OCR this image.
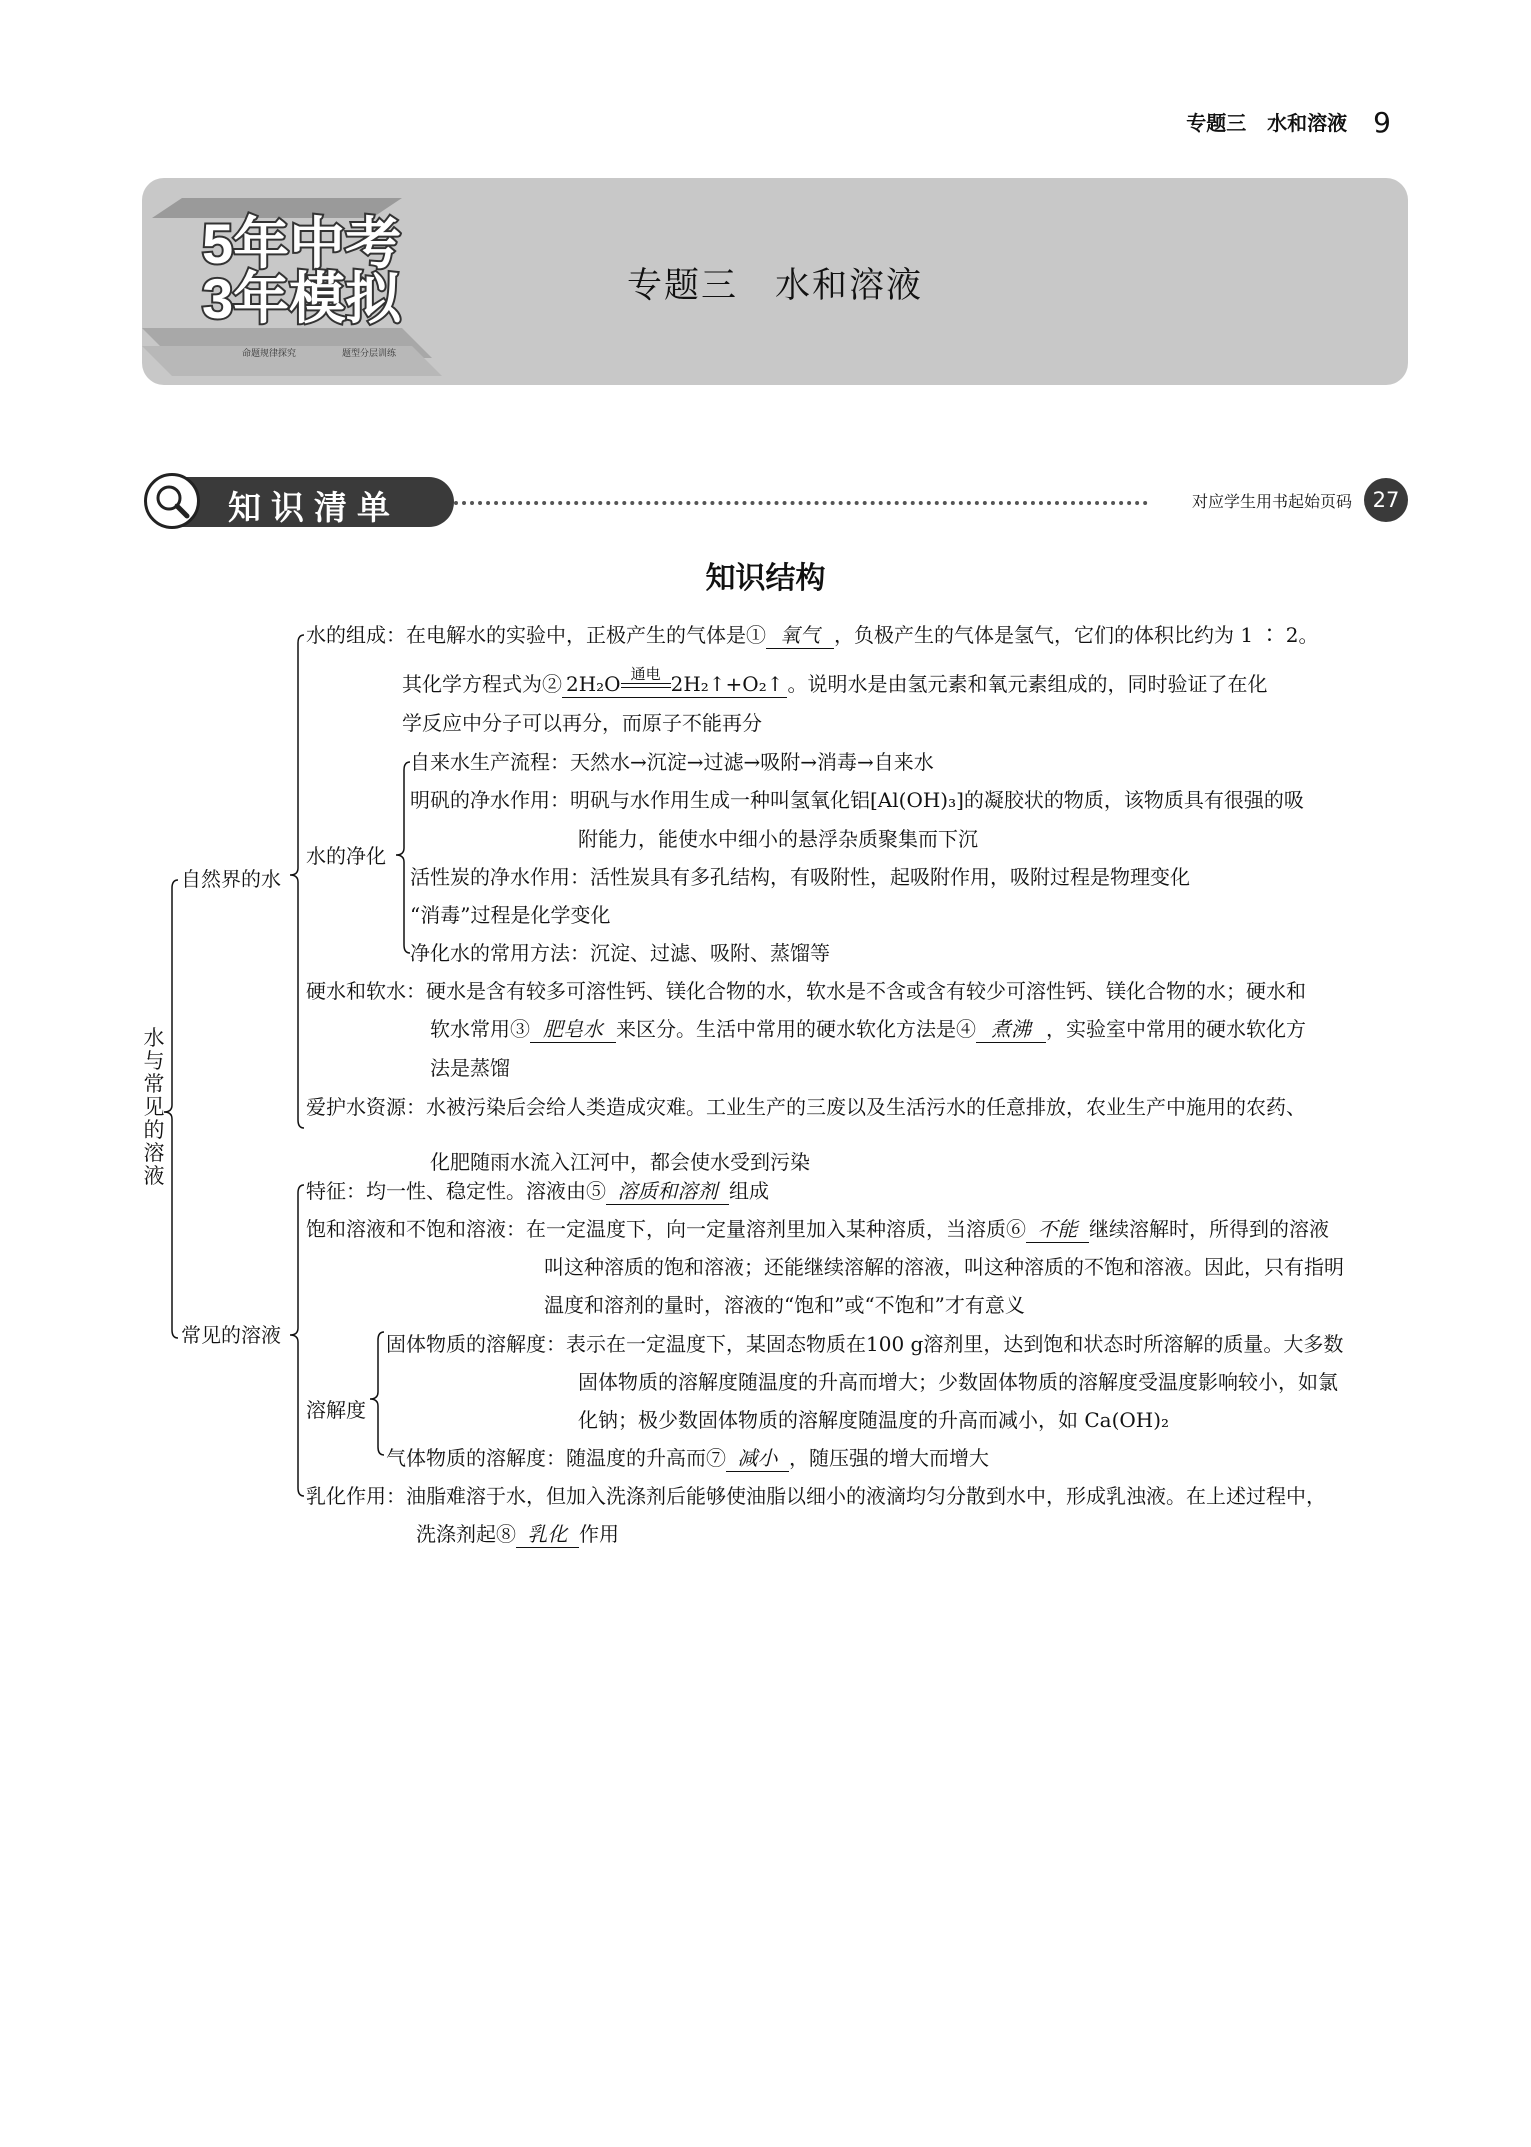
专题三 水和溶液 9
5年中考
3年模拟
命题规律探究	题型分层训练
专题三　水和溶液
知识清单	对应学生用书起始页码 27
知识结构
水与常见的溶液
自然界的水
水的组成：在电解水的实验中，正极产生的气体是① 氧气 ，负极产生的气体是氢气，它们的体积比约为 1 ∶ 2。
其化学方程式为② 2H₂O 通电 2H₂↑+O₂↑ 。说明水是由氢元素和氧元素组成的，同时验证了在化
学反应中分子可以再分，而原子不能再分
水的净化
自来水生产流程：天然水→沉淀→过滤→吸附→消毒→自来水
明矾的净水作用：明矾与水作用生成一种叫氢氧化铝[Al(OH)₃]的凝胶状的物质，该物质具有很强的吸
附能力，能使水中细小的悬浮杂质聚集而下沉
活性炭的净水作用：活性炭具有多孔结构，有吸附性，起吸附作用，吸附过程是物理变化
“消毒”过程是化学变化
净化水的常用方法：沉淀、过滤、吸附、蒸馏等
硬水和软水：硬水是含有较多可溶性钙、镁化合物的水，软水是不含或含有较少可溶性钙、镁化合物的水；硬水和
软水常用③ 肥皂水 来区分。生活中常用的硬水软化方法是④ 煮沸 ，实验室中常用的硬水软化方
法是蒸馏
爱护水资源：水被污染后会给人类造成灾难。工业生产的三废以及生活污水的任意排放，农业生产中施用的农药、
化肥随雨水流入江河中，都会使水受到污染
常见的溶液
特征：均一性、稳定性。溶液由⑤ 溶质和溶剂 组成
饱和溶液和不饱和溶液：在一定温度下，向一定量溶剂里加入某种溶质，当溶质⑥ 不能 继续溶解时，所得到的溶液
叫这种溶质的饱和溶液；还能继续溶解的溶液，叫这种溶质的不饱和溶液。因此，只有指明
温度和溶剂的量时，溶液的“饱和”或“不饱和”才有意义
溶解度
固体物质的溶解度：表示在一定温度下，某固态物质在100 g溶剂里，达到饱和状态时所溶解的质量。大多数
固体物质的溶解度随温度的升高而增大；少数固体物质的溶解度受温度影响较小，如氯
化钠；极少数固体物质的溶解度随温度的升高而减小，如 Ca(OH)₂
气体物质的溶解度：随温度的升高而⑦ 减小 ，随压强的增大而增大
乳化作用：油脂难溶于水，但加入洗涤剂后能够使油脂以细小的液滴均匀分散到水中，形成乳浊液。在上述过程中，
洗涤剂起⑧ 乳化 作用
